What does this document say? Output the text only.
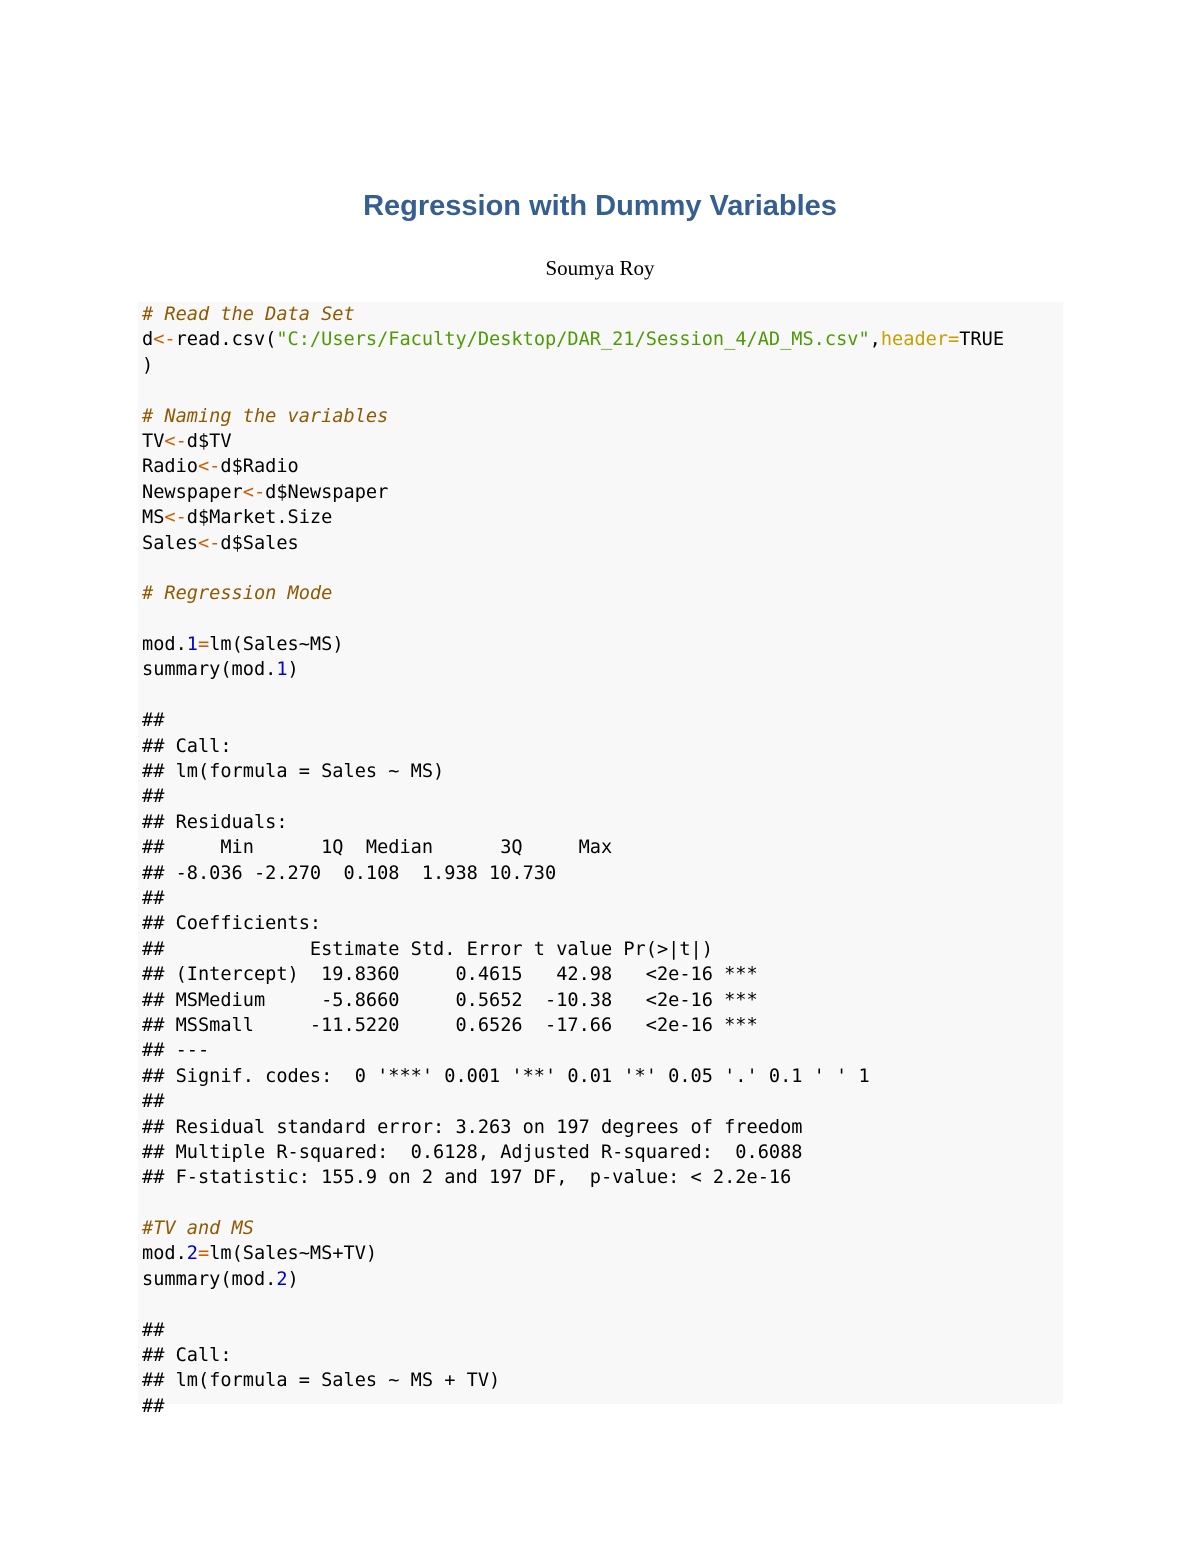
Regression with Dummy Variables
Soumya Roy
# Read the Data Set
d<-read.csv("C:/Users/Faculty/Desktop/DAR_21/Session_4/AD_MS.csv",header=TRUE
)
# Naming the variables
TV<-d$TV
Radio<-d$Radio
Newspaper<-d$Newspaper
MS<-d$Market.Size
Sales<-d$Sales
# Regression Mode
mod.1=lm(Sales~MS)
summary(mod.1)
##
## Call:
## lm(formula = Sales ~ MS)
##
## Residuals:
##     Min      1Q  Median      3Q     Max
## -8.036 -2.270  0.108  1.938 10.730
##
## Coefficients:
##             Estimate Std. Error t value Pr(>|t|)
## (Intercept)  19.8360     0.4615   42.98   <2e-16 ***
## MSMedium     -5.8660     0.5652  -10.38   <2e-16 ***
## MSSmall     -11.5220     0.6526  -17.66   <2e-16 ***
## ---
## Signif. codes:  0 '***' 0.001 '**' 0.01 '*' 0.05 '.' 0.1 ' ' 1
##
## Residual standard error: 3.263 on 197 degrees of freedom
## Multiple R-squared:  0.6128, Adjusted R-squared:  0.6088
## F-statistic: 155.9 on 2 and 197 DF,  p-value: < 2.2e-16
#TV and MS
mod.2=lm(Sales~MS+TV)
summary(mod.2)
##
## Call:
## lm(formula = Sales ~ MS + TV)
##
